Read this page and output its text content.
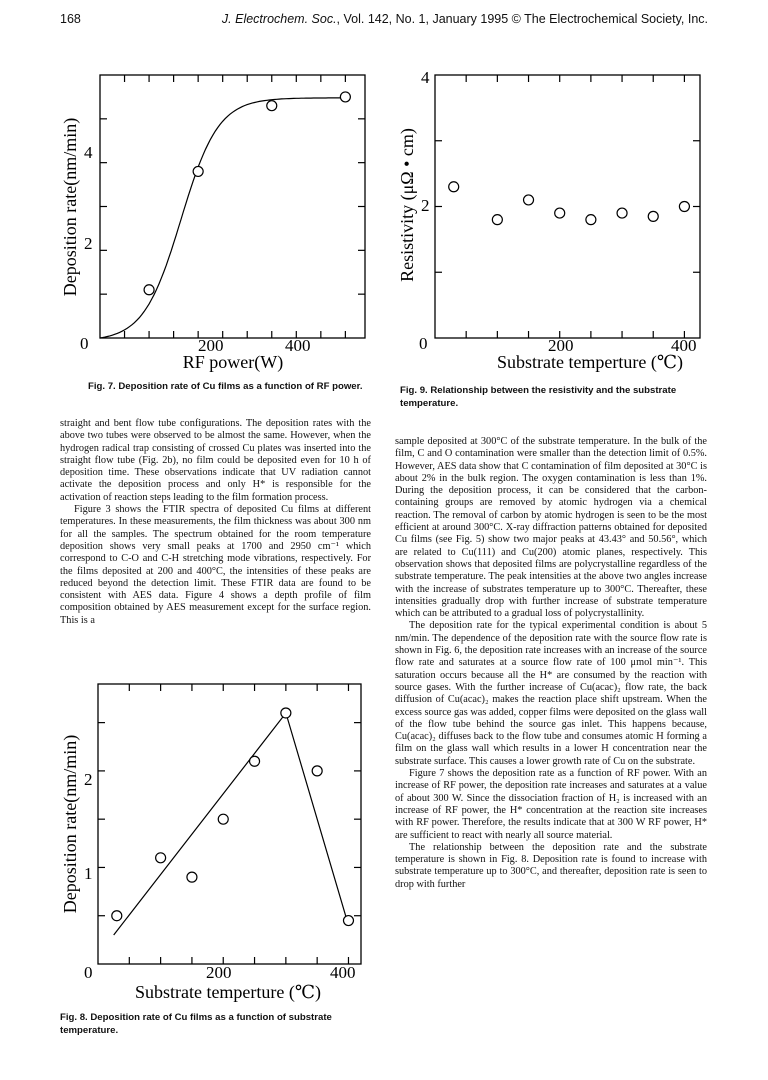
168	J. Electrochem. Soc., Vol. 142, No. 1, January 1995 © The Electrochemical Society, Inc.
0	200	400
4
2
RF power(W)
Deposition rate(nm/min)
Fig. 7. Deposition rate of Cu films as a function of RF power.
0	200	400
4
2
Substrate temperture (℃)
Resistivity (μΩ • cm)
Fig. 9. Relationship between the resistivity and the substrate temperature.

straight and bent flow tube configurations. The deposition rates with the above two tubes were observed to be almost the same. However, when the hydrogen radical trap consisting of crossed Cu plates was inserted into the straight flow tube (Fig. 2b), no film could be deposited even for 10 h of deposition time. These observations indicate that UV radiation cannot activate the deposition process and only H* is responsible for the activation of reaction steps leading to the film formation process.

Figure 3 shows the FTIR spectra of deposited Cu films at different temperatures. In these measurements, the film thickness was about 300 nm for all the samples. The spectrum obtained for the room temperature deposition shows very small peaks at 1700 and 2950 cm⁻¹ which correspond to C-O and C-H stretching mode vibrations, respectively. For the films deposited at 200 and 400°C, the intensities of these peaks are reduced beyond the detection limit. These FTIR data are found to be consistent with AES data. Figure 4 shows a depth profile of film composition obtained by AES measurement except for the surface region. This is a

0	200	400
2
1
Substrate temperture (℃)
Deposition rate(nm/min)
Fig. 8. Deposition rate of Cu films as a function of substrate temperature.

sample deposited at 300°C of the substrate temperature. In the bulk of the film, C and O contamination were smaller than the detection limit of 0.5%. However, AES data show that C contamination of film deposited at 30°C is about 2% in the bulk region. The oxygen contamination is less than 1%. During the deposition process, it can be considered that the carbon-containing groups are removed by atomic hydrogen via a chemical reaction. The removal of carbon by atomic hydrogen is seen to be the most efficient at around 300°C. X-ray diffraction patterns obtained for deposited Cu films (see Fig. 5) show two major peaks at 43.43° and 50.56°, which are related to Cu(111) and Cu(200) atomic planes, respectively. This observation shows that deposited films are polycrystalline regardless of the substrate temperature. The peak intensities at the above two angles increase with the increase of substrates temperature up to 300°C. Thereafter, these intensities gradually drop with further increase of substrate temperature which can be attributed to a gradual loss of polycrystallinity.

The deposition rate for the typical experimental condition is about 5 nm/min. The dependence of the deposition rate with the source flow rate is shown in Fig. 6, the deposition rate increases with an increase of the source flow rate and saturates at a source flow rate of 100 μmol min⁻¹. This saturation occurs because all the H* are consumed by the reaction with source gases. With the further increase of Cu(acac)₂ flow rate, the back diffusion of Cu(acac)₂ makes the reaction place shift upstream. When the excess source gas was added, copper films were deposited on the glass wall of the flow tube behind the source gas inlet. This happens because, Cu(acac)₂ diffuses back to the flow tube and consumes atomic H forming a film on the glass wall which results in a lower H concentration near the substrate surface. This causes a lower growth rate of Cu on the substrate.

Figure 7 shows the deposition rate as a function of RF power. With an increase of RF power, the deposition rate increases and saturates at a value of about 300 W. Since the dissociation fraction of H₂ is increased with an increase of RF power, the H* concentration at the reaction site increases with RF power. Therefore, the results indicate that at 300 W RF power, H* are sufficient to react with nearly all source material.

The relationship between the deposition rate and the substrate temperature is shown in Fig. 8. Deposition rate is found to increase with substrate temperature up to 300°C, and thereafter, deposition rate is seen to drop with further
